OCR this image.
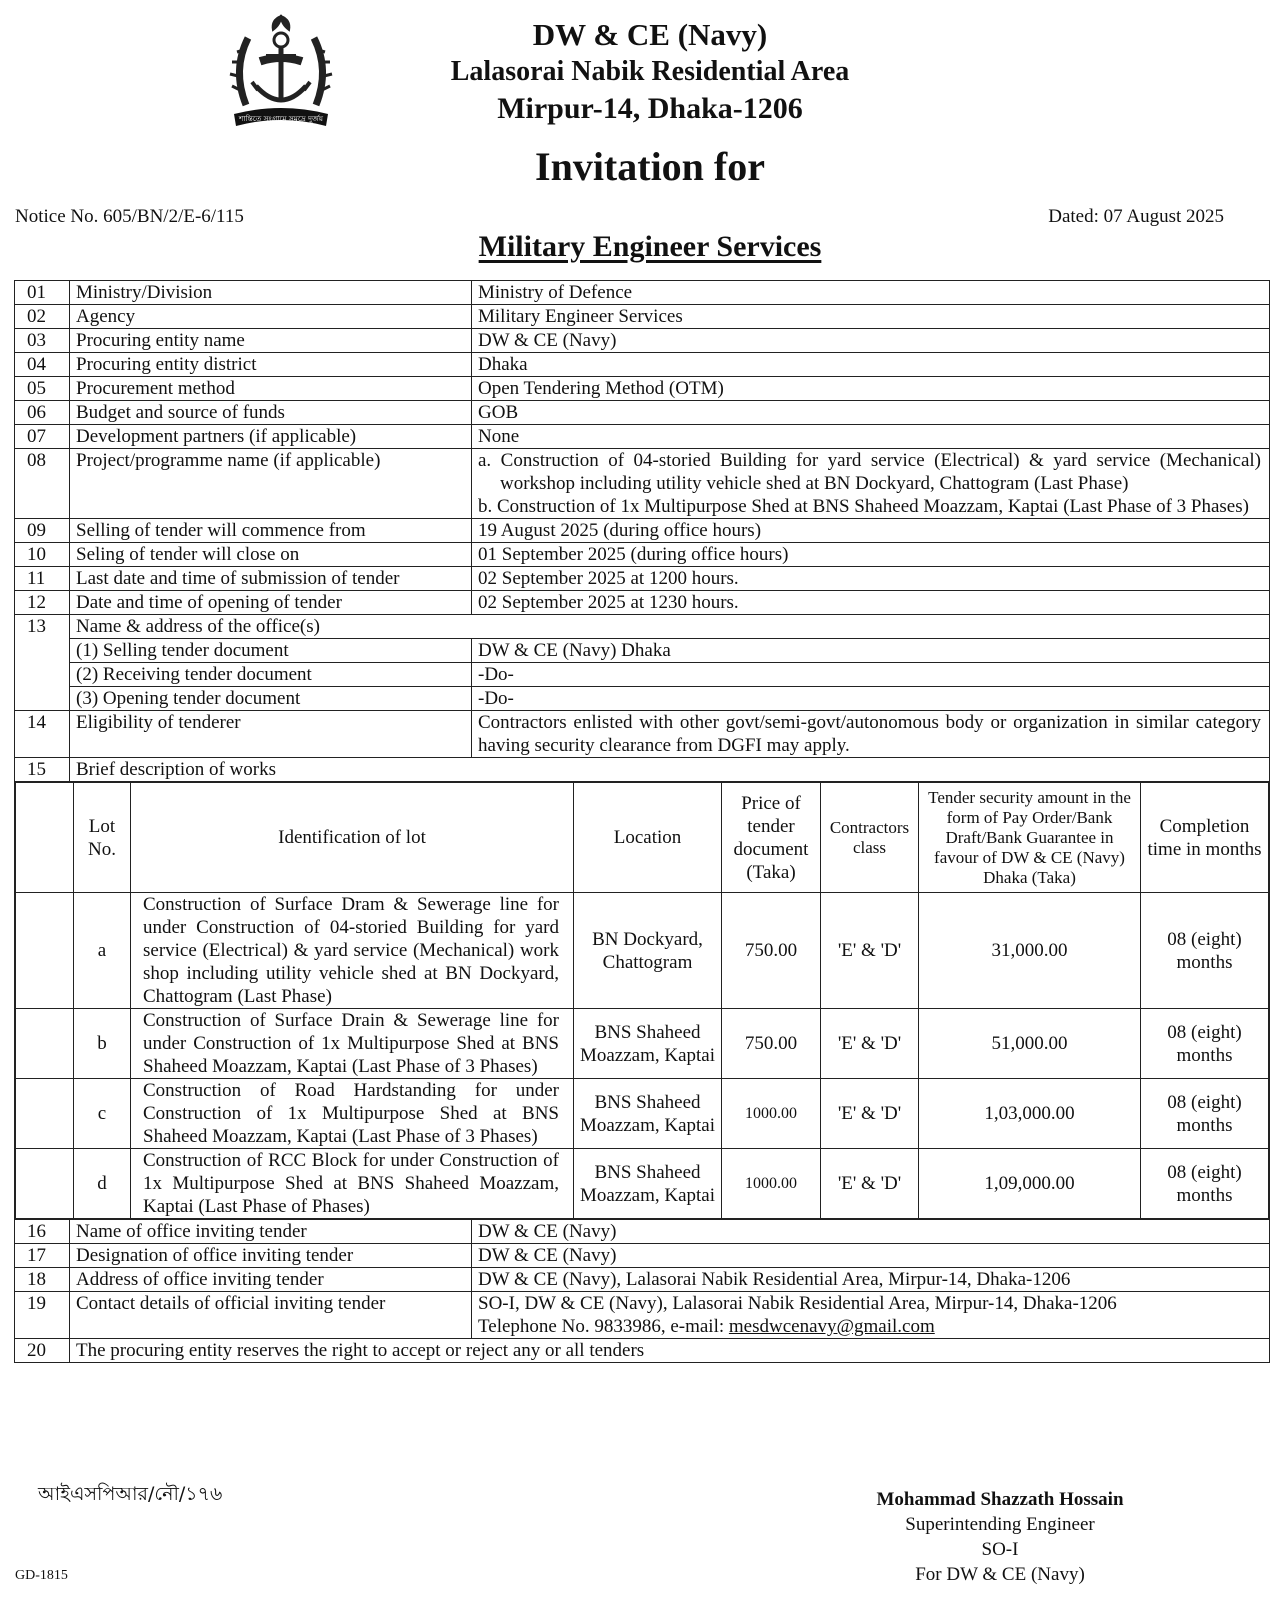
শান্তিতে সংগ্রামে সমুদ্রে দুর্জয়
DW & CE (Navy)
Lalasorai Nabik Residential Area
Mirpur-14, Dhaka-1206
Invitation for
Notice No. 605/BN/2/E-6/115	Dated: 07 August 2025
Military Engineer Services
01	Ministry/Division	Ministry of Defence
02	Agency	Military Engineer Services
03	Procuring entity name	DW & CE (Navy)
04	Procuring entity district	Dhaka
05	Procurement method	Open Tendering Method (OTM)
06	Budget and source of funds	GOB
07	Development partners (if applicable)	None
08	Project/programme name (if applicable)	a. Construction of 04-storied Building for yard service (Electrical) & yard service (Mechanical) workshop including utility vehicle shed at BN Dockyard, Chattogram (Last Phase)
b. Construction of 1x Multipurpose Shed at BNS Shaheed Moazzam, Kaptai (Last Phase of 3 Phases)

09	Selling of tender will commence from	19 August 2025 (during office hours)
10	Seling of tender will close on	01 September 2025 (during office hours)
11	Last date and time of submission of tender	02 September 2025 at 1200 hours.
12	Date and time of opening of tender	02 September 2025 at 1230 hours.
13	Name & address of the office(s)
	(1) Selling tender document	DW & CE (Navy) Dhaka
	(2) Receiving tender document	-Do-
	(3) Opening tender document	-Do-
14	Eligibility of tenderer	Contractors enlisted with other govt/semi-govt/autonomous body or organization in similar category having security clearance from DGFI may apply.
15	Brief description of works

	Lot No.	Identification of lot	Location	Price of tender document (Taka)	Contractors class	Tender security amount in the form of Pay Order/Bank Draft/Bank Guarantee in favour of DW & CE (Navy) Dhaka (Taka)	Completion time in months
	a	Construction of Surface Dram & Sewerage line for under Construction of 04-storied Building for yard service (Electrical) & yard service (Mechanical) work shop including utility vehicle shed at BN Dockyard, Chattogram (Last Phase)	BN Dockyard, Chattogram	750.00	'E' & 'D'	31,000.00	08 (eight) months
	b	Construction of Surface Drain & Sewerage line for under Construction of 1x Multipurpose Shed at BNS Shaheed Moazzam, Kaptai (Last Phase of 3 Phases)	BNS Shaheed Moazzam, Kaptai	750.00	'E' & 'D'	51,000.00	08 (eight) months
	c	Construction of Road Hardstanding for under Construction of 1x Multipurpose Shed at BNS Shaheed Moazzam, Kaptai (Last Phase of 3 Phases)	BNS Shaheed Moazzam, Kaptai	1000.00	'E' & 'D'	1,03,000.00	08 (eight) months
	d	Construction of RCC Block for under Construction of 1x Multipurpose Shed at BNS Shaheed Moazzam, Kaptai (Last Phase of Phases)	BNS Shaheed Moazzam, Kaptai	1000.00	'E' & 'D'	1,09,000.00	08 (eight) months

16	Name of office inviting tender	DW & CE (Navy)
17	Designation of office inviting tender	DW & CE (Navy)
18	Address of office inviting tender	DW & CE (Navy), Lalasorai Nabik Residential Area, Mirpur-14, Dhaka-1206
19	Contact details of official inviting tender	SO-I, DW & CE (Navy), Lalasorai Nabik Residential Area, Mirpur-14, Dhaka-1206
Telephone No. 9833986, e-mail: mesdwcenavy@gmail.com

20	The procuring entity reserves the right to accept or reject any or all tenders
আইএসপিআর/নৌ/১৭৬
GD-1815
Mohammad Shazzath Hossain
Superintending Engineer
SO-I
For DW & CE (Navy)
